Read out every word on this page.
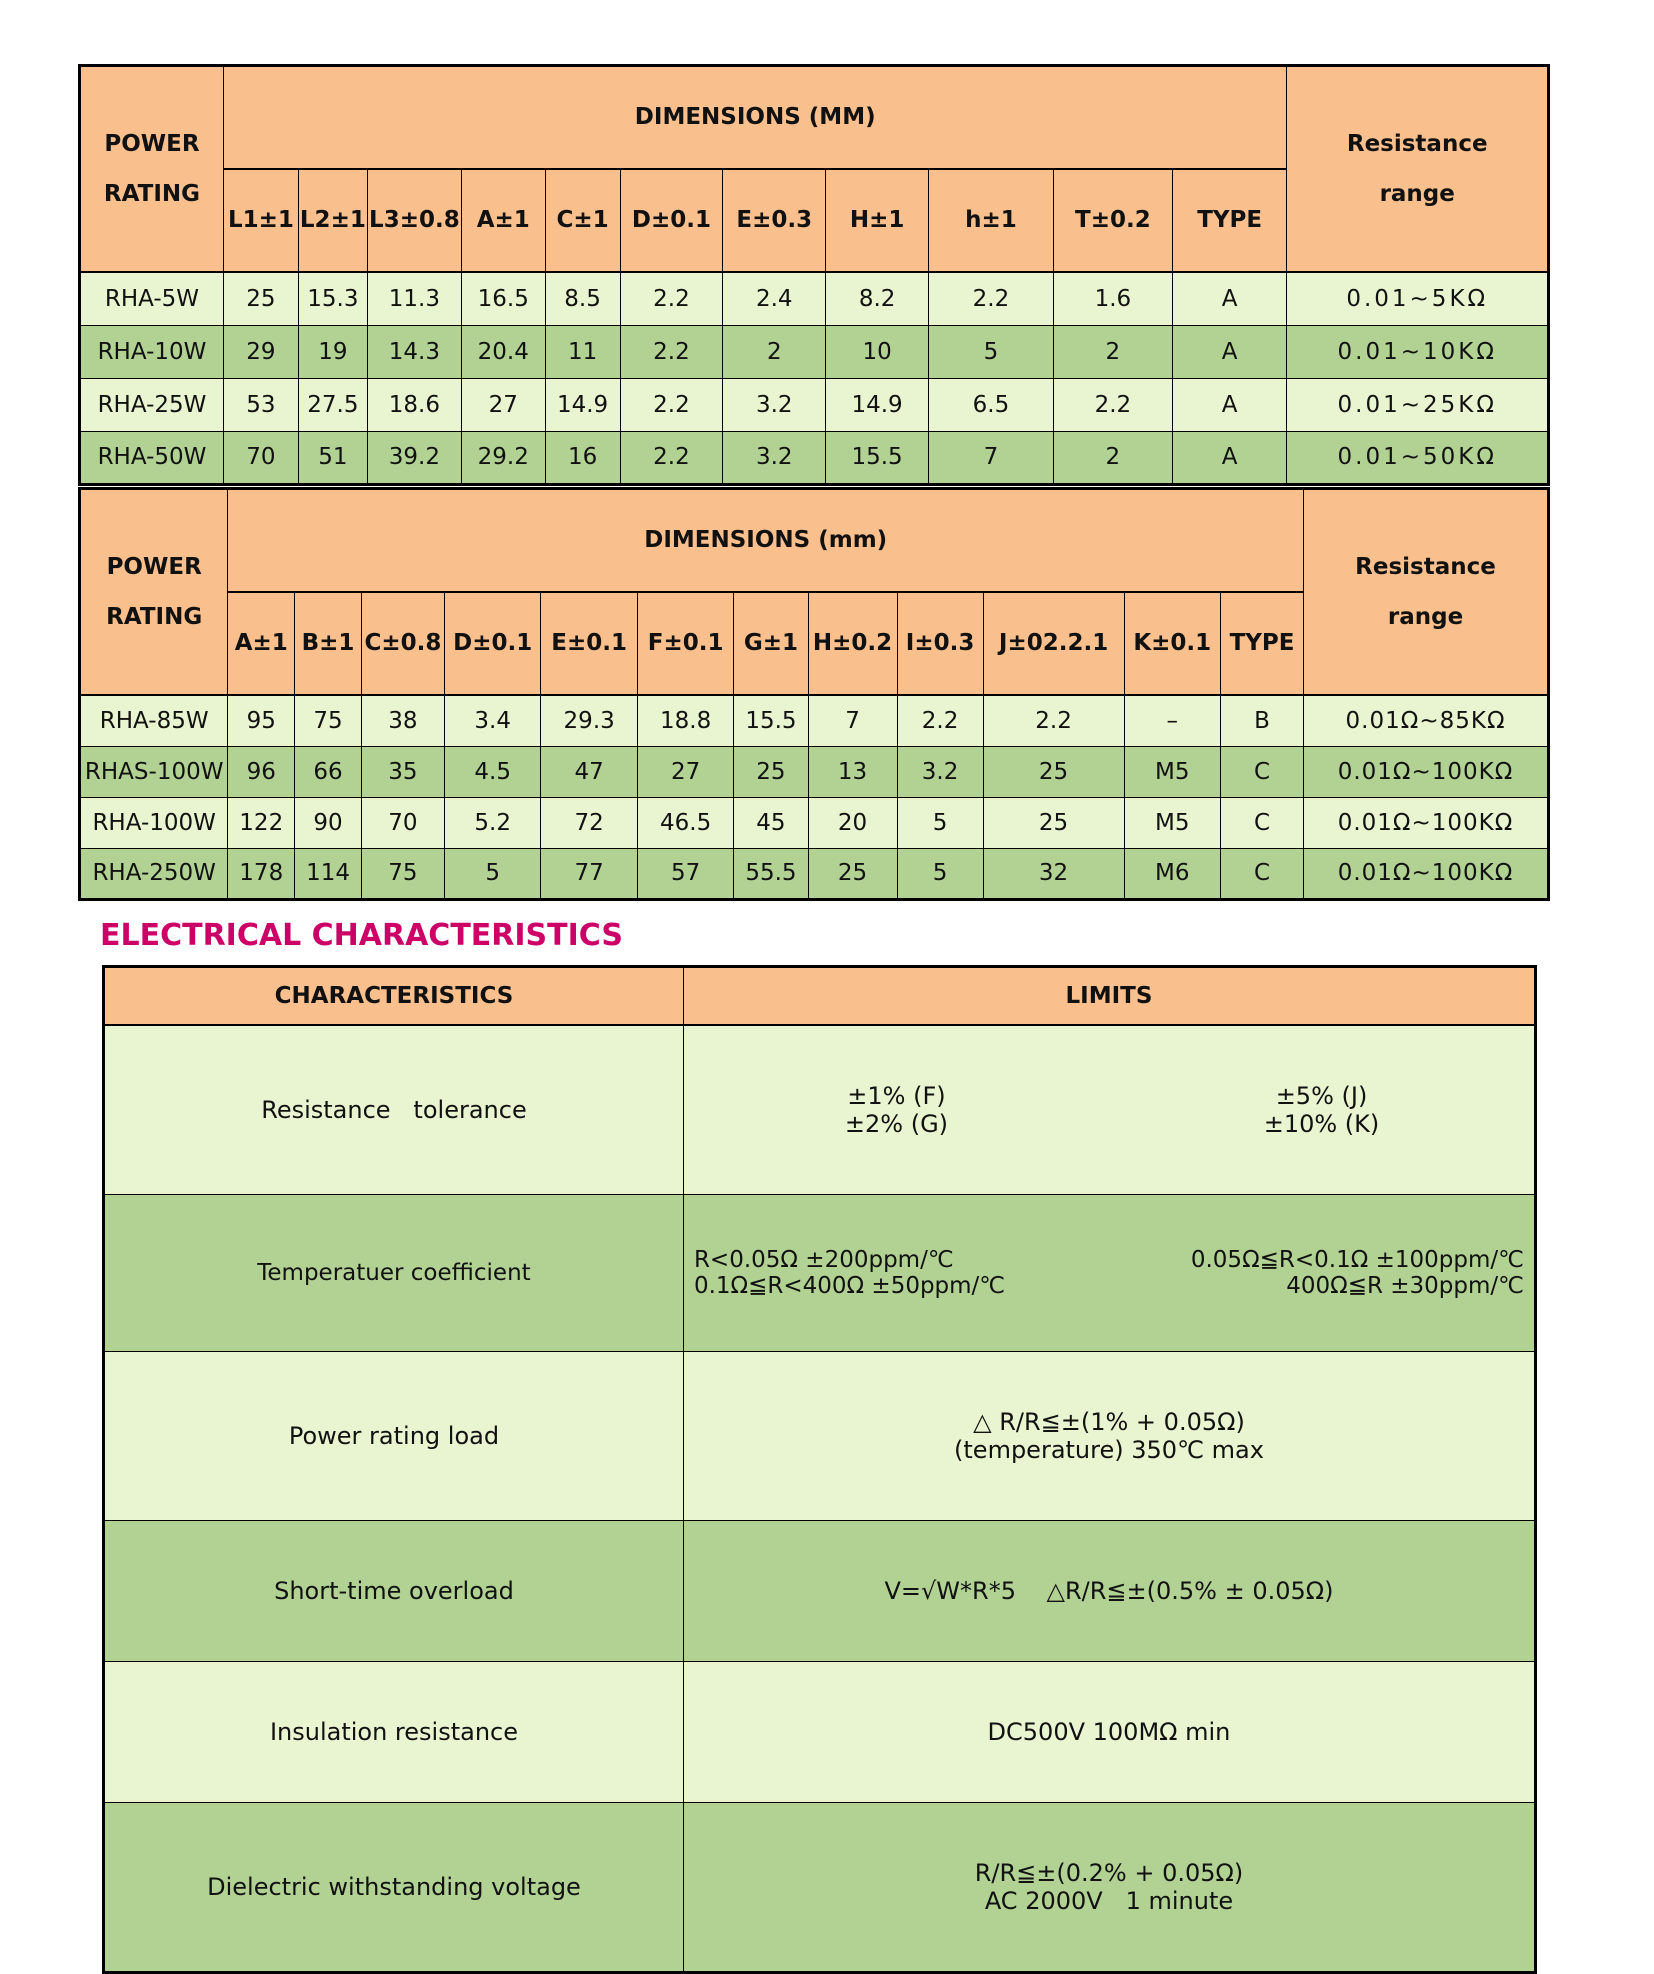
POWER
RATING	DIMENSIONS (MM)											Resistance
range

	L1±1	L2±1	L3±0.8	A±1	C±1	D±0.1	E±0.3	H±1	h±1	T±0.2	TYPE	
RHA-5W	25	15.3	11.3	16.5	8.5	2.2	2.4	8.2	2.2	1.6	A	0.01~5KΩ
RHA-10W	29	19	14.3	20.4	11	2.2	2	10	5	2	A	0.01~10KΩ
RHA-25W	53	27.5	18.6	27	14.9	2.2	3.2	14.9	6.5	2.2	A	0.01~25KΩ
RHA-50W	70	51	39.2	29.2	16	2.2	3.2	15.5	7	2	A	0.01~50KΩ

POWER
RATING	DIMENSIONS (mm)												Resistance
range

	A±1	B±1	C±0.8	D±0.1	E±0.1	F±0.1	G±1	H±0.2	I±0.3	J±02.2.1	K±0.1	TYPE	
RHA-85W	95	75	38	3.4	29.3	18.8	15.5	7	2.2	2.2	–	B	0.01Ω~85KΩ
RHAS-100W	96	66	35	4.5	47	27	25	13	3.2	25	M5	C	0.01Ω~100KΩ
RHA-100W	122	90	70	5.2	72	46.5	45	20	5	25	M5	C	0.01Ω~100KΩ
RHA-250W	178	114	75	5	77	57	55.5	25	5	32	M6	C	0.01Ω~100KΩ
ELECTRICAL CHARACTERISTICS
CHARACTERISTICS	LIMITS
Resistance   tolerance	±1% (F) ±5% (J)
±2% (G) ±10% (K)

Temperatuer coefficient	R<0.05Ω ±200ppm/℃ 0.05Ω≦R<0.1Ω ±100ppm/℃
0.1Ω≦R<400Ω ±50ppm/℃ 400Ω≦R ±30ppm/℃

Power rating load	△ R/R≦±(1% + 0.05Ω)
(temperature) 350℃ max

Short-time overload	V=√W*R*5    △R/R≦±(0.5% ± 0.05Ω)

Insulation resistance	DC500V 100MΩ min

Dielectric withstanding voltage	R/R≦±(0.2% + 0.05Ω)
AC 2000V   1 minute
